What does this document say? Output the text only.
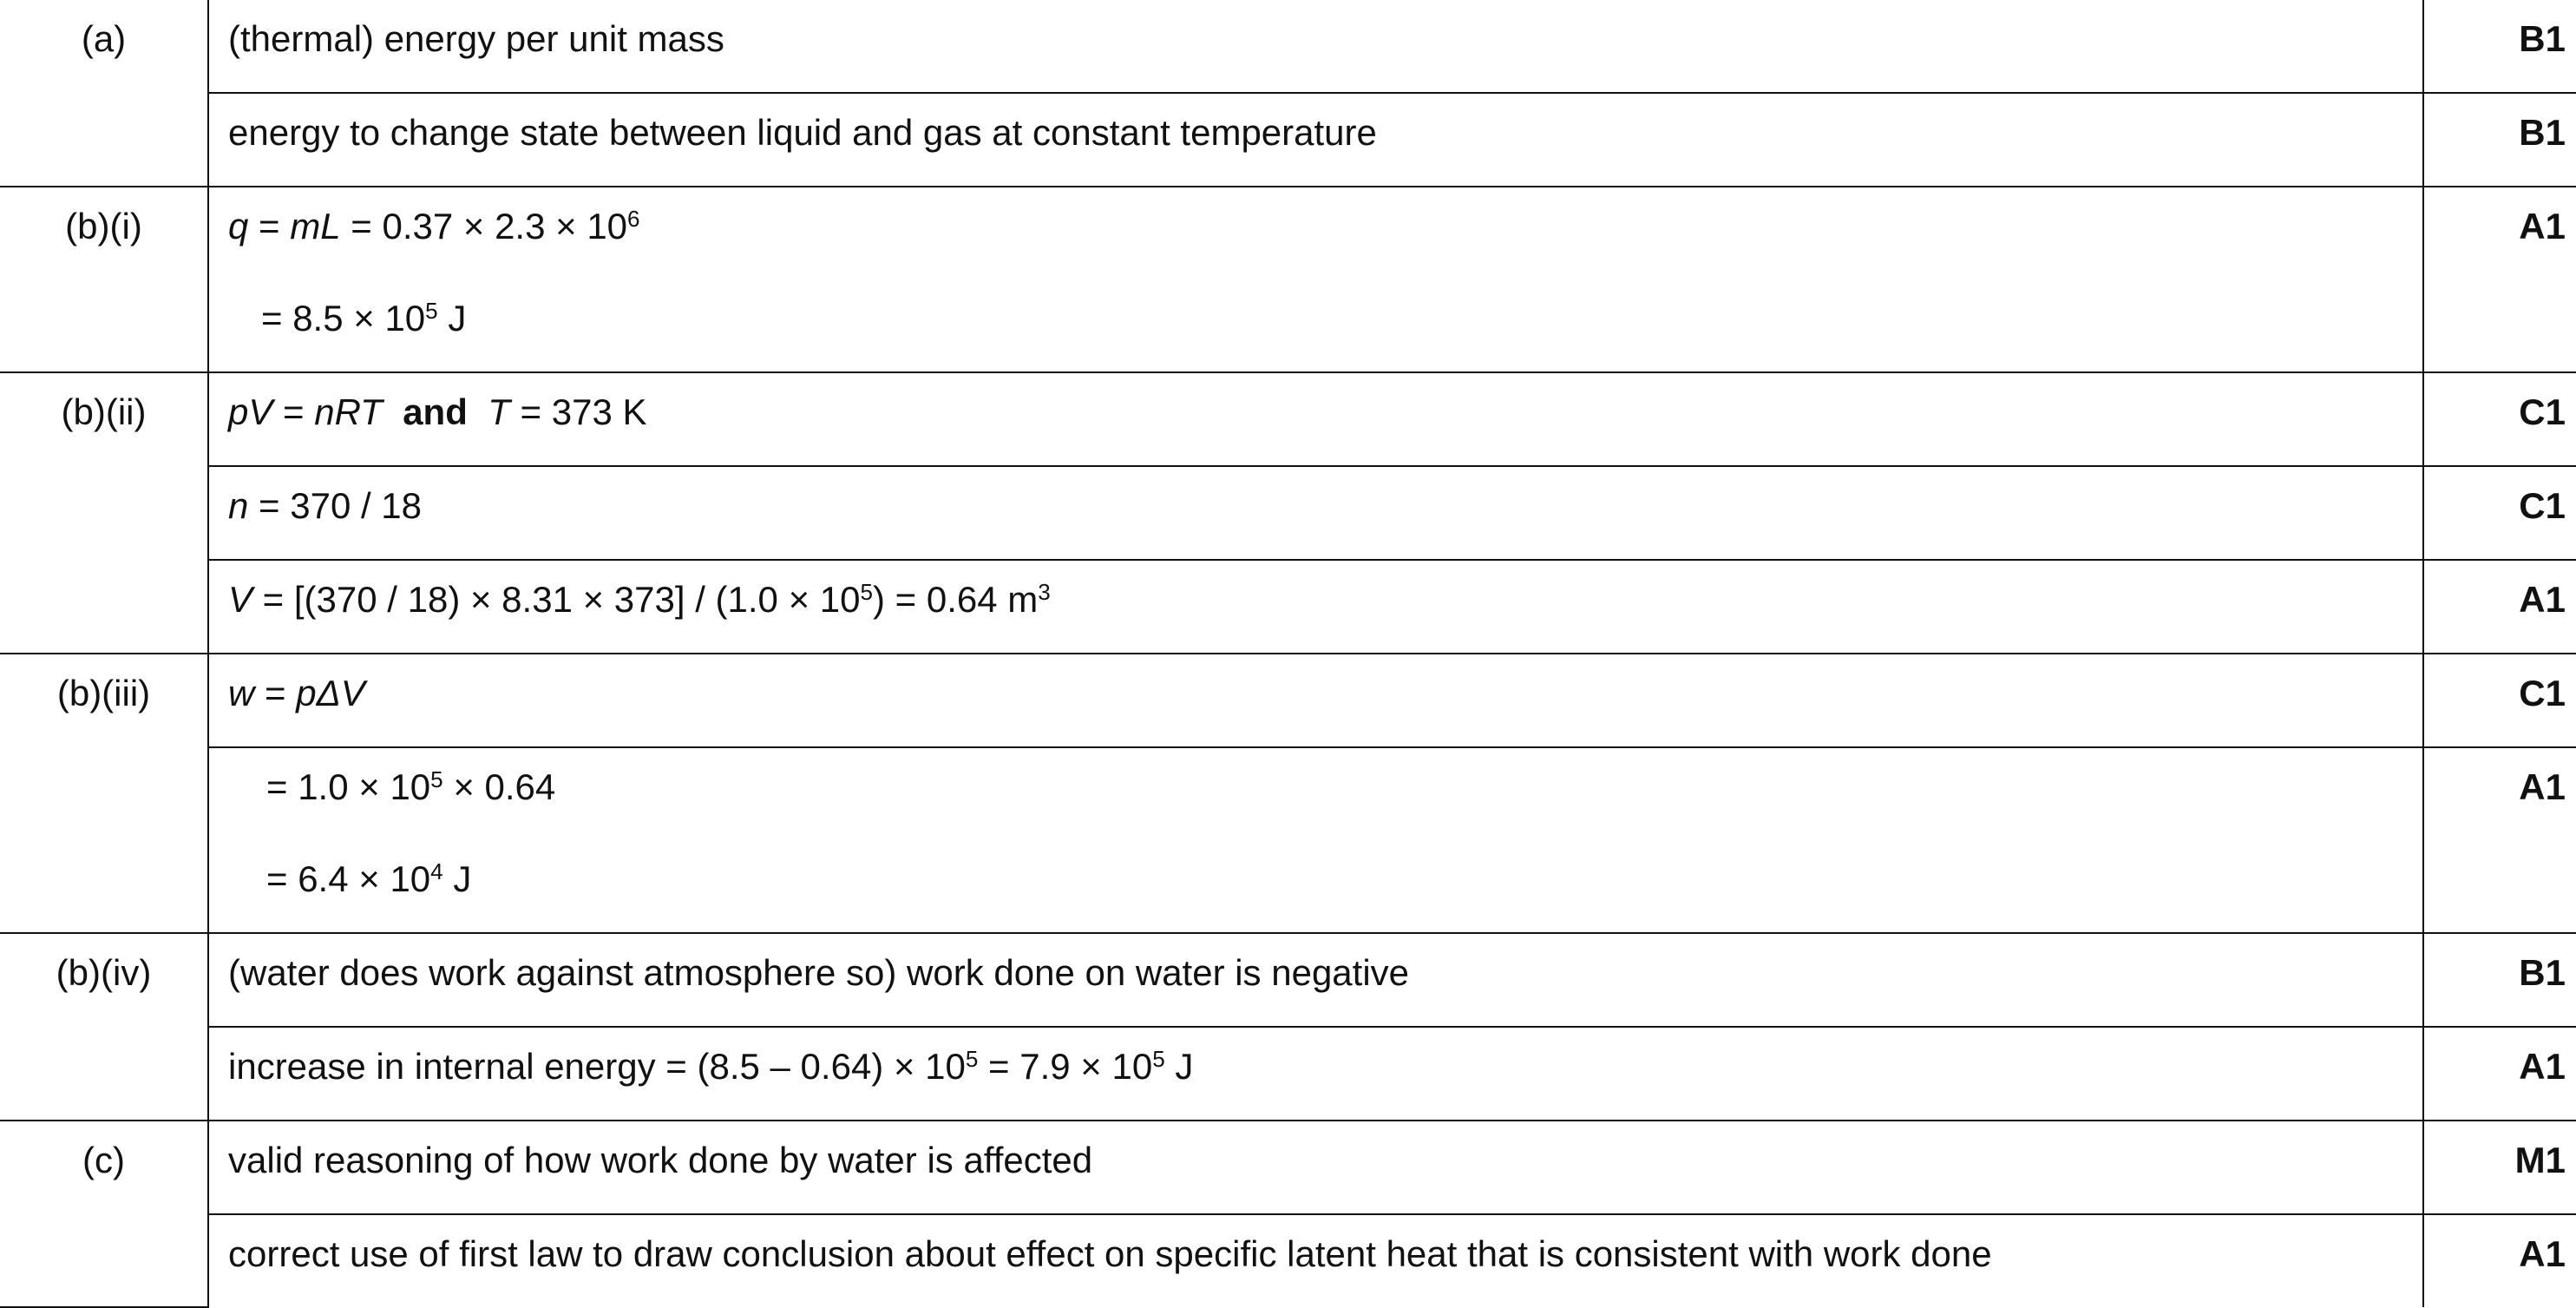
(a)	(thermal) energy per unit mass	B1

	energy to change state between liquid and gas at constant temperature	B1

(b)(i)	q = mL = $0.37 \times 2.3 \times 10^6$
= $8.5 \times 10^5$ J	A1

(b)(ii)	pV = nRT and T = 373 K	C1

	n = 370 / 18	C1

	$V = [(370 / 18) \times 8.31 \times 373] / (1.0 \times 10^5) = 0.64$ $m^3$	A1

(b)(iii)	w = pΔV	C1

	= $1.0 \times 10^5 \times 0.64$
= $6.4 \times 10^4$ J	A1

(b)(iv)	(water does work against atmosphere so) work done on water is negative	B1

	increase in internal energy = $(8.5 - 0.64) \times 10^5 = 7.9 \times 10^5$ J	A1

(c)	valid reasoning of how work done by water is affected	M1

	correct use of first law to draw conclusion about effect on specific latent heat that is consistent with work done	A1
